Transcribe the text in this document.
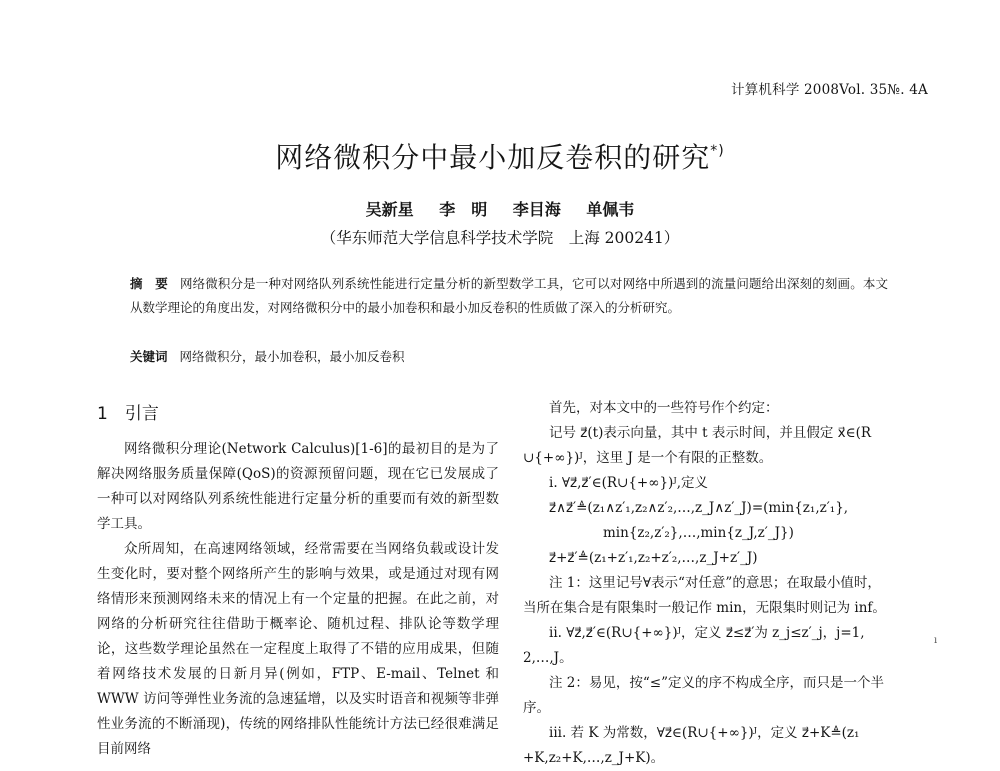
计算机科学 2008Vol. 35№. 4A
网络微积分中最小加反卷积的研究*)
吴新星 李　明 李目海 单佩韦
（华东师范大学信息科学技术学院　上海 200241）
摘　要 网络微积分是一种对网络队列系统性能进行定量分析的新型数学工具，它可以对网络中所遇到的流量问题给出深刻的刻画。本文从数学理论的角度出发，对网络微积分中的最小加卷积和最小加反卷积的性质做了深入的分析研究。
关键词 网络微积分，最小加卷积，最小加反卷积
1　引言

网络微积分理论(Network Calculus)[1-6]的最初目的是为了解决网络服务质量保障(QoS)的资源预留问题，现在它已发展成了一种可以对网络队列系统性能进行定量分析的重要而有效的新型数学工具。

众所周知，在高速网络领域，经常需要在当网络负载或设计发生变化时，要对整个网络所产生的影响与效果，或是通过对现有网络情形来预测网络未来的情况上有一个定量的把握。在此之前，对网络的分析研究往往借助于概率论、随机过程、排队论等数学理论，这些数学理论虽然在一定程度上取得了不错的应用成果，但随着网络技术发展的日新月异(例如，FTP、E-mail、Telnet 和 WWW 访问等弹性业务流的急速猛增，以及实时语音和视频等非弹性业务流的不断涌现)，传统的网络排队性能统计方法已经很难满足目前网络

首先，对本文中的一些符号作个约定：

记号 z⃗(t)表示向量，其中 t 表示时间，并且假定 x⃗∈(R

∪{+∞})ᴶ，这里 J 是一个有限的正整数。

i. ∀z⃗,z⃗′∈(R∪{+∞})ᴶ,定义

z⃗∧z⃗′≜(z₁∧z′₁,z₂∧z′₂,…,z_J∧z′_J)=(min{z₁,z′₁},

min{z₂,z′₂},…,min{z_J,z′_J})

z⃗+z⃗′≜(z₁+z′₁,z₂+z′₂,…,z_J+z′_J)

注 1：这里记号∀表示“对任意”的意思；在取最小值时，

当所在集合是有限集时一般记作 min，无限集时则记为 inf。

ii. ∀z⃗,z⃗′∈(R∪{+∞})ᴶ，定义 z⃗≤z⃗′为 z_j≤z′_j，j=1,

2,…,J。

注 2：易见，按“≤”定义的序不构成全序，而只是一个半

序。

iii. 若 K 为常数，∀z⃗∈(R∪{+∞})ᴶ，定义 z⃗+K≜(z₁

+K,z₂+K,…,z_J+K)。

ı
